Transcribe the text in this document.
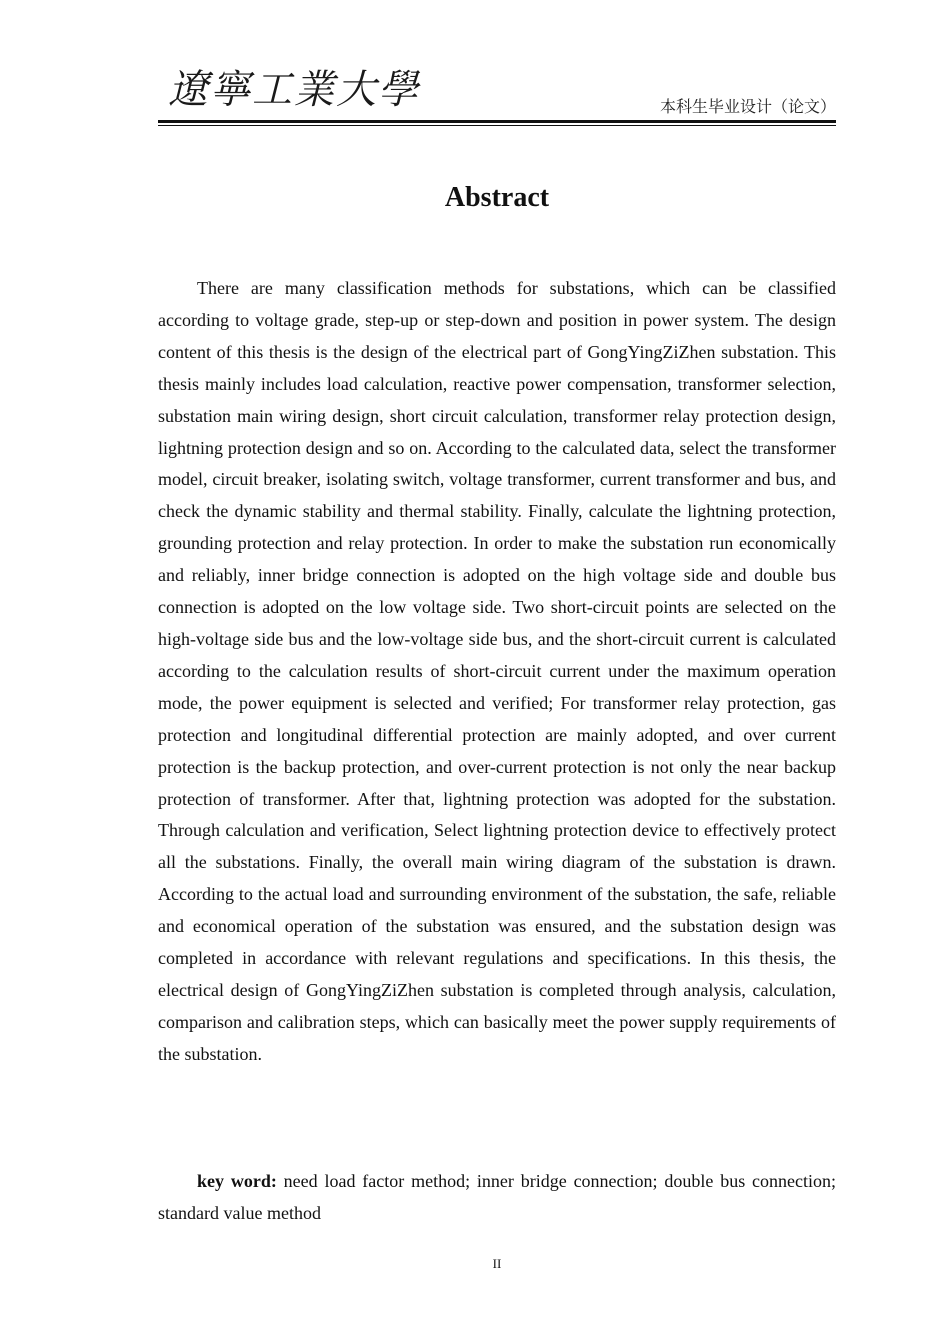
遼寧工業大學	本科生毕业设计（论文）
Abstract

There are many classification methods for substations, which can be classified according to voltage grade, step-up or step-down and position in power system. The design content of this thesis is the design of the electrical part of GongYingZiZhen substation. This thesis mainly includes load calculation, reactive power compensation, transformer selection, substation main wiring design, short circuit calculation, transformer relay protection design, lightning protection design and so on. According to the calculated data, select the transformer model, circuit breaker, isolating switch, voltage transformer, current transformer and bus, and check the dynamic stability and thermal stability. Finally, calculate the lightning protection, grounding protection and relay protection. In order to make the substation run economically and reliably, inner bridge connection is adopted on the high voltage side and double bus connection is adopted on the low voltage side. Two short-circuit points are selected on the high-voltage side bus and the low-voltage side bus, and the short-circuit current is calculated according to the calculation results of short-circuit current under the maximum operation mode, the power equipment is selected and verified; For transformer relay protection, gas protection and longitudinal differential protection are mainly adopted, and over current protection is the backup protection, and over-current protection is not only the near backup protection of transformer. After that, lightning protection was adopted for the substation. Through calculation and verification, Select lightning protection device to effectively protect all the substations. Finally, the overall main wiring diagram of the substation is drawn. According to the actual load and surrounding environment of the substation, the safe, reliable and economical operation of the substation was ensured, and the substation design was completed in accordance with relevant regulations and specifications. In this thesis, the electrical design of GongYingZiZhen substation is completed through analysis, calculation, comparison and calibration steps, which can basically meet the power supply requirements of the substation.

key word: need load factor method; inner bridge connection; double bus connection; standard value method

II
